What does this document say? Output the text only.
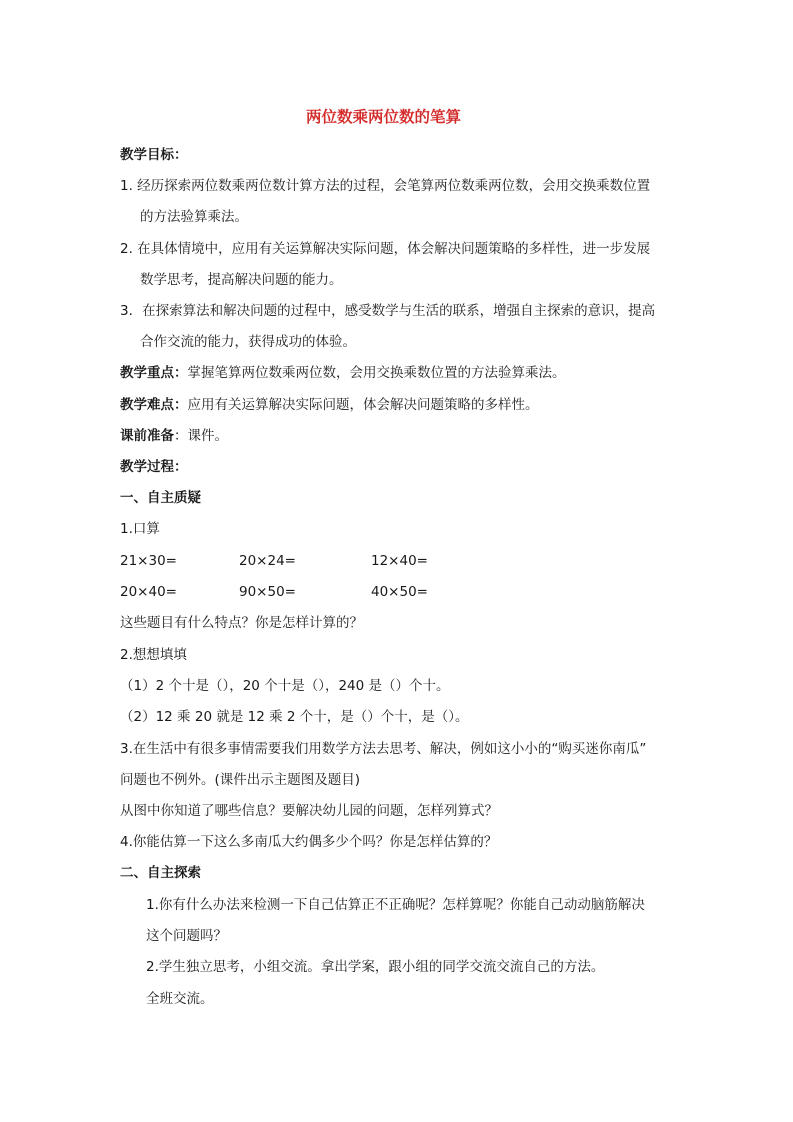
两位数乘两位数的笔算
教学目标：
1. 经历探索两位数乘两位数计算方法的过程，会笔算两位数乘两位数，会用交换乘数位置
的方法验算乘法。
2. 在具体情境中，应用有关运算解决实际问题，体会解决问题策略的多样性，进一步发展
数学思考，提高解决问题的能力。
3．在探索算法和解决问题的过程中，感受数学与生活的联系，增强自主探索的意识，提高
合作交流的能力，获得成功的体验。
教学重点：掌握笔算两位数乘两位数，会用交换乘数位置的方法验算乘法。
教学难点：应用有关运算解决实际问题，体会解决问题策略的多样性。
课前准备：课件。
教学过程：
一、自主质疑
1.口算
21×30=	20×24=	12×40=
20×40=	90×50=	40×50=
这些题目有什么特点？你是怎样计算的？
2.想想填填
（1）2 个十是（），20 个十是（），240 是（）个十。
（2）12 乘 20 就是 12 乘 2 个十，是（）个十，是（）。
3.在生活中有很多事情需要我们用数学方法去思考、解决，例如这小小的“购买迷你南瓜”
问题也不例外。(课件出示主题图及题目)
从图中你知道了哪些信息？要解决幼儿园的问题，怎样列算式？
4.你能估算一下这么多南瓜大约偶多少个吗？你是怎样估算的？
二、自主探索
1.你有什么办法来检测一下自己估算正不正确呢？怎样算呢？你能自己动动脑筋解决
这个问题吗？
2.学生独立思考，小组交流。拿出学案，跟小组的同学交流交流自己的方法。
全班交流。
